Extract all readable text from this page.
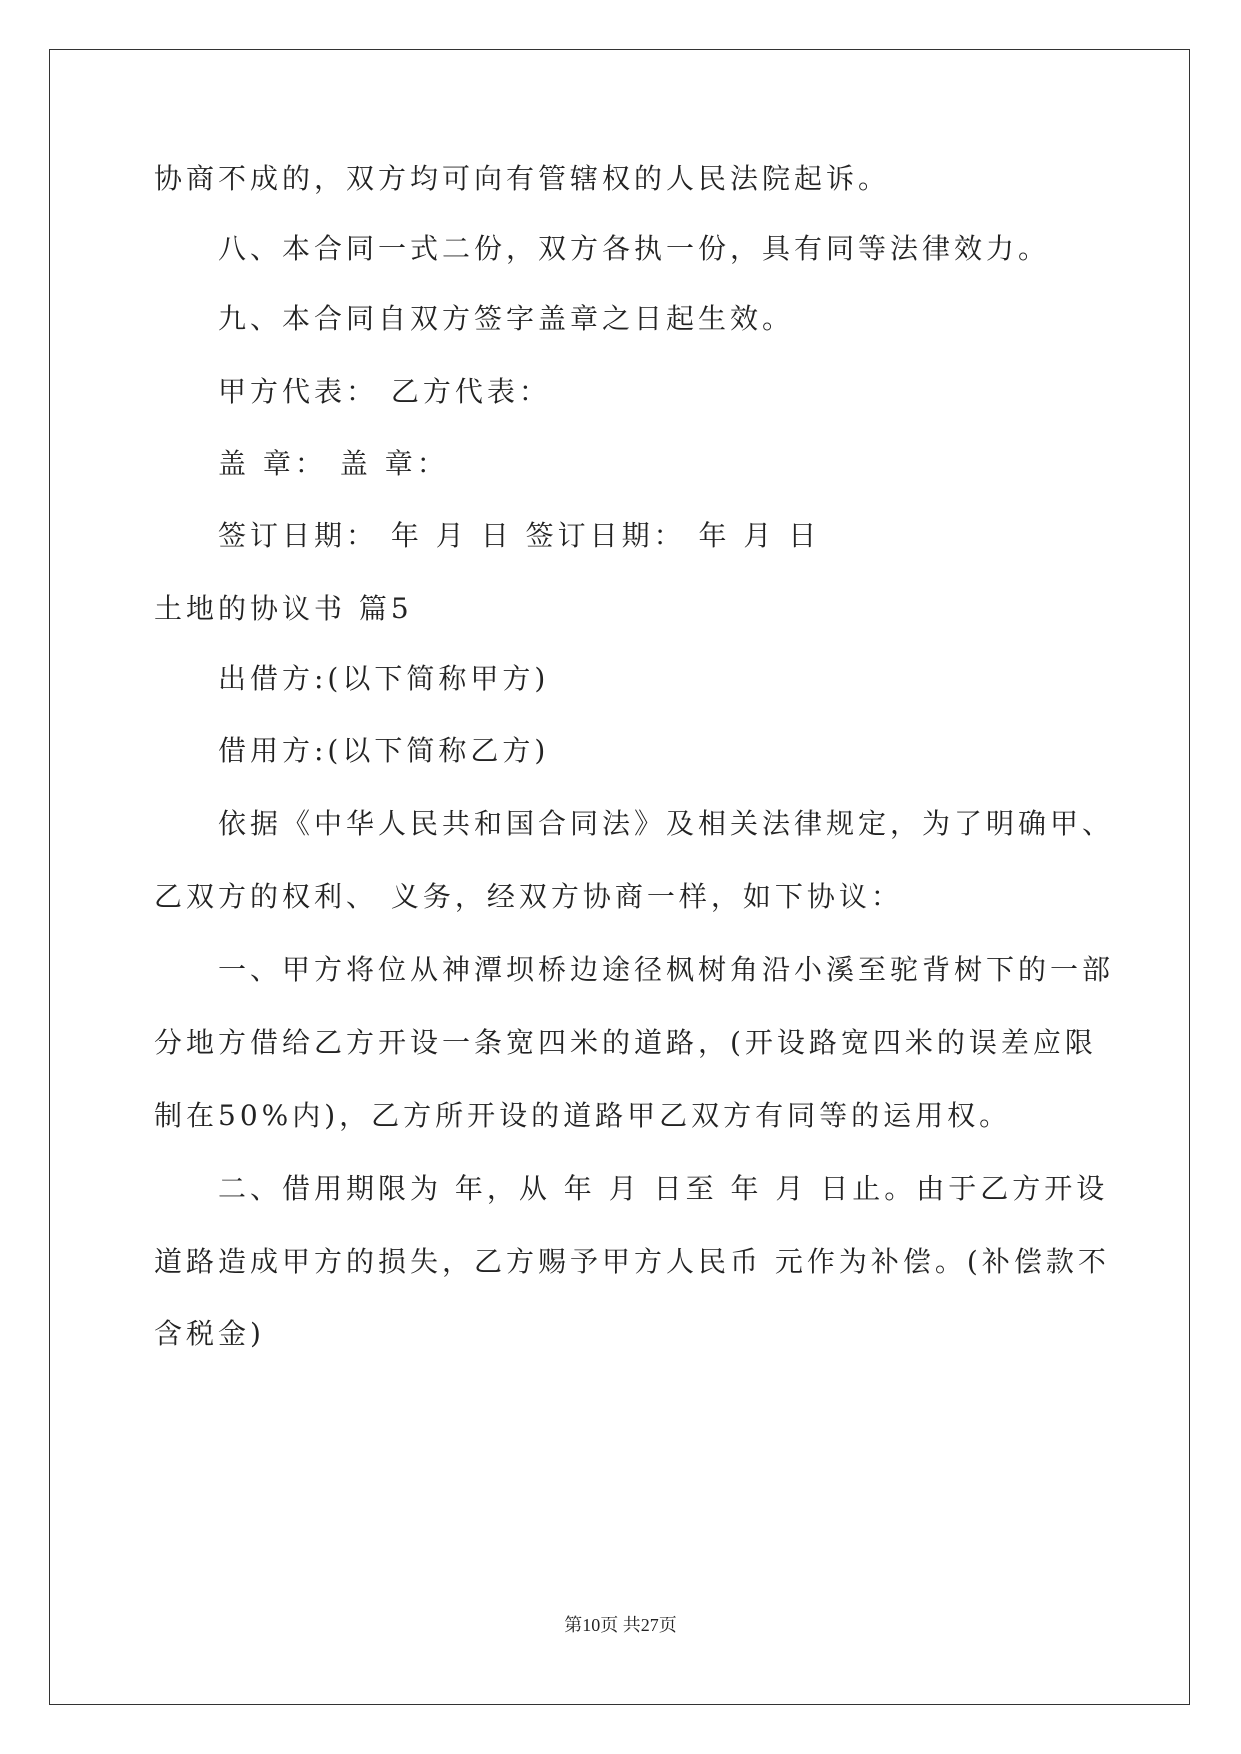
协商不成的，双方均可向有管辖权的人民法院起诉。
八、本合同一式二份，双方各执一份，具有同等法律效力。
九、本合同自双方签字盖章之日起生效。
甲方代表： 乙方代表：
盖 章： 盖 章：
签订日期： 年 月 日 签订日期： 年 月 日
土地的协议书 篇5
出借方:(以下简称甲方)
借用方:(以下简称乙方)
依据《中华人民共和国合同法》及相关法律规定，为了明确甲、
乙双方的权利、 义务，经双方协商一样，如下协议：
一、甲方将位从神潭坝桥边途径枫树角沿小溪至驼背树下的一部
分地方借给乙方开设一条宽四米的道路，(开设路宽四米的误差应限
制在50%内)，乙方所开设的道路甲乙双方有同等的运用权。
二、借用期限为 年，从 年 月 日至 年 月 日止。由于乙方开设
道路造成甲方的损失，乙方赐予甲方人民币 元作为补偿。(补偿款不
含税金)
第10页 共27页
